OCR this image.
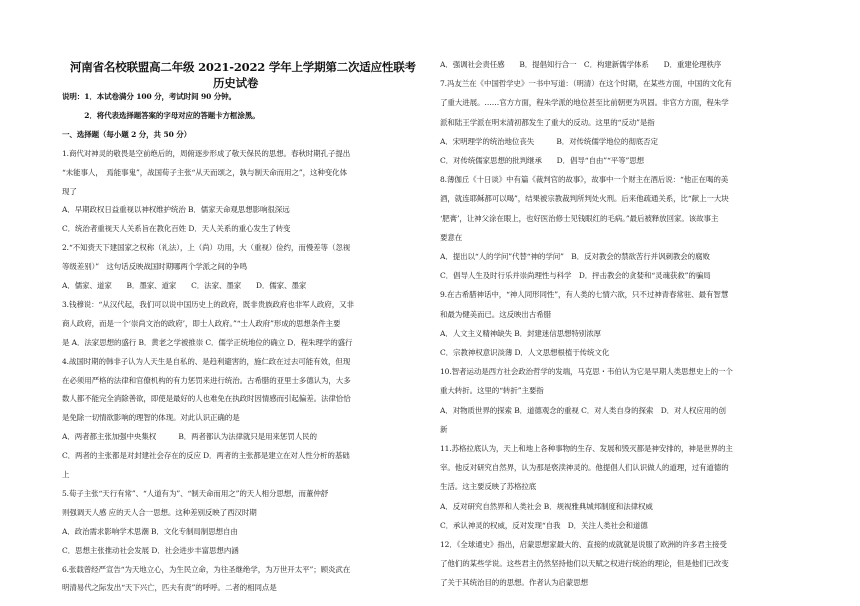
河南省名校联盟高二年级 2021-2022 学年上学期第二次适应性联考
历史试卷
说明：1．本试卷满分 100 分，考试时间 90 分钟。
　　　2．将代表选择题答案的字母对应的答题卡方框涂黑。
一、选择题（每小题 2 分，共 50 分）
1.商代对神灵的敬畏是空前绝后的，周俯逐步形成了敬天保民的思想。春秋时期孔子提出
“未能事人，　焉能事鬼”，战国荀子主张“从天而颂之，孰与制天命而用之”，这种变化体
现了
A．早期政权日益重视以神权维护统治 B．儒家天命观思想影响很深远
C．统治者重视天人关系旨在教化百姓 D．天人关系的重心发生了转变
2.“不知赍天下建国家之权称（礼法），上（尚）功用，大（重视）俭约，而慢差等（忽视
等级差别）”　这句话反映战国时期哪两个学派之间的争鸣
A．儒家、道家　　B．墨家、道家　　C．法家、墨家　　D．儒家、墨家
3.钱穆说：“从汉代起，我们可以说中国历史上的政府，既非贵族政府也非军人政府，又非
商人政府，而是一个‘崇尚文治的政府’，即士人政府。”“士人政府”形成的思想条件主要
是 A．法家思想的盛行 B．黄老之学被推崇 C．儒学正统地位的确立 D．程朱理学的盛行
4.战国时期的韩非子认为人天生是自私的、是趋利避害的，施仁政在过去可能有效，但现
在必须用严格的法律和官僚机构的有力惩罚来进行统治。古希腊的亚里士多德认为，大多
数人都不能完全消除善欲，即使是最好的人也难免在执政时因情感而引起偏差。法律恰恰
是免除一切情欲影响的理智的体现。对此认识正确的是
A．两者都主张加强中央集权　　　B．两者都认为法律就只是用来惩罚人民的
C．两者的主张都是对封建社会存在的反应 D．两者的主张都是建立在对人性分析的基础
上
5.荀子主张“天行有常”、“人道有为”、“制天命而用之”的天人相分思想，而董仲舒
则强调天人感 应的天人合一思想。这种差别反映了西汉时期
A．政治需求影响学术思潮 B．文化专制局制思想自由
C．思想主张推动社会发展 D．社会进步丰富思想内涵
6.张载曾经严宣告“为天地立心，为生民立命，为往圣继绝学，为万世开太平”；顾炎武在
明清易代之际发出“天下兴亡，匹夫有责”的呼呼。二者的相同点是
A．强调社会责任感　　B．提倡知行合一　C．构建新儒学体系　　D．重建伦理秩序
7.冯友兰在《中国哲学史》一书中写道：（明清）在这个时期，在某些方面，中国的文化有
了重大进展。……官方方面，程朱学派的地位甚至比前朝更为巩固。非官方方面，程朱学
派和陆王学派在明末清初都发生了重大的反动。这里的“反动”是指
A．宋明理学的统治地位丧失　　　B．对传统儒学地位的彻底否定
C．对传统儒家思想的批判继承　　D．倡导“自由”“平等”思想
8.薄伽丘《十日谈》中有篇《裁判官的故事》，故事中一个财主在酒后说：“他正在喝的美
酒，就连耶稣都可以喝”，结果被宗教裁判所判处火刑。后来他疏通关系，比“献上一大块
‘肥膏’，让神父涂在眼上，也好医治修士见钱眼红的毛病。”最后被释放回家。该故事主
要意在
A．提出以“人的学问”代替“神的学问”　B．反对教会的禁欲苦行并讽刺教会的腐败
C．倡导人生及时行乐并崇尚理性与科学　D．抨击教会的贪婪和“灵魂获救”的骗局
9.在古希腊神话中，“神人同形同性”，有人类的七情六欲，只不过神青春常驻、最有智慧
和最为健美而已。这反映出古希腊
A．人文主义精神缺失 B．封建迷信思想特别浓厚
C．宗教神权意识淡薄 D．人文思想根植于传统文化
10.智者运动是西方社会政治哲学的发端，马克思・韦伯认为它是早期人类思想史上的一个
重大转折。这里的“转折”主要指
A．对物质世界的探索 B．道德观念的重视 C．对人类自身的探索　D．对人权应用的创
新
11.苏格拉底认为，天上和地上各种事物的生存、发展和毁灭都是神安排的，神是世界的主
宰。他反对研究自然界，认为那是亵渎神灵的。他提倡人们认识做人的道理，过有道德的
生活。这主要反映了苏格拉底
A．反对研究自然界和人类社会 B．规视雅典城邦制度和法律权威
C．承认神灵的权威，反对发现“自我　D．关注人类社会和道德
12．《全球通史》指出，启蒙思想家最大的、直接的成就就是说服了欧洲的许多君主接受
了他们的某些学说。这些君主仍然坚持他们以天赋之权进行统治的理论，但是他们已改变
了关于其统治目的的思想。作者认为启蒙思想
